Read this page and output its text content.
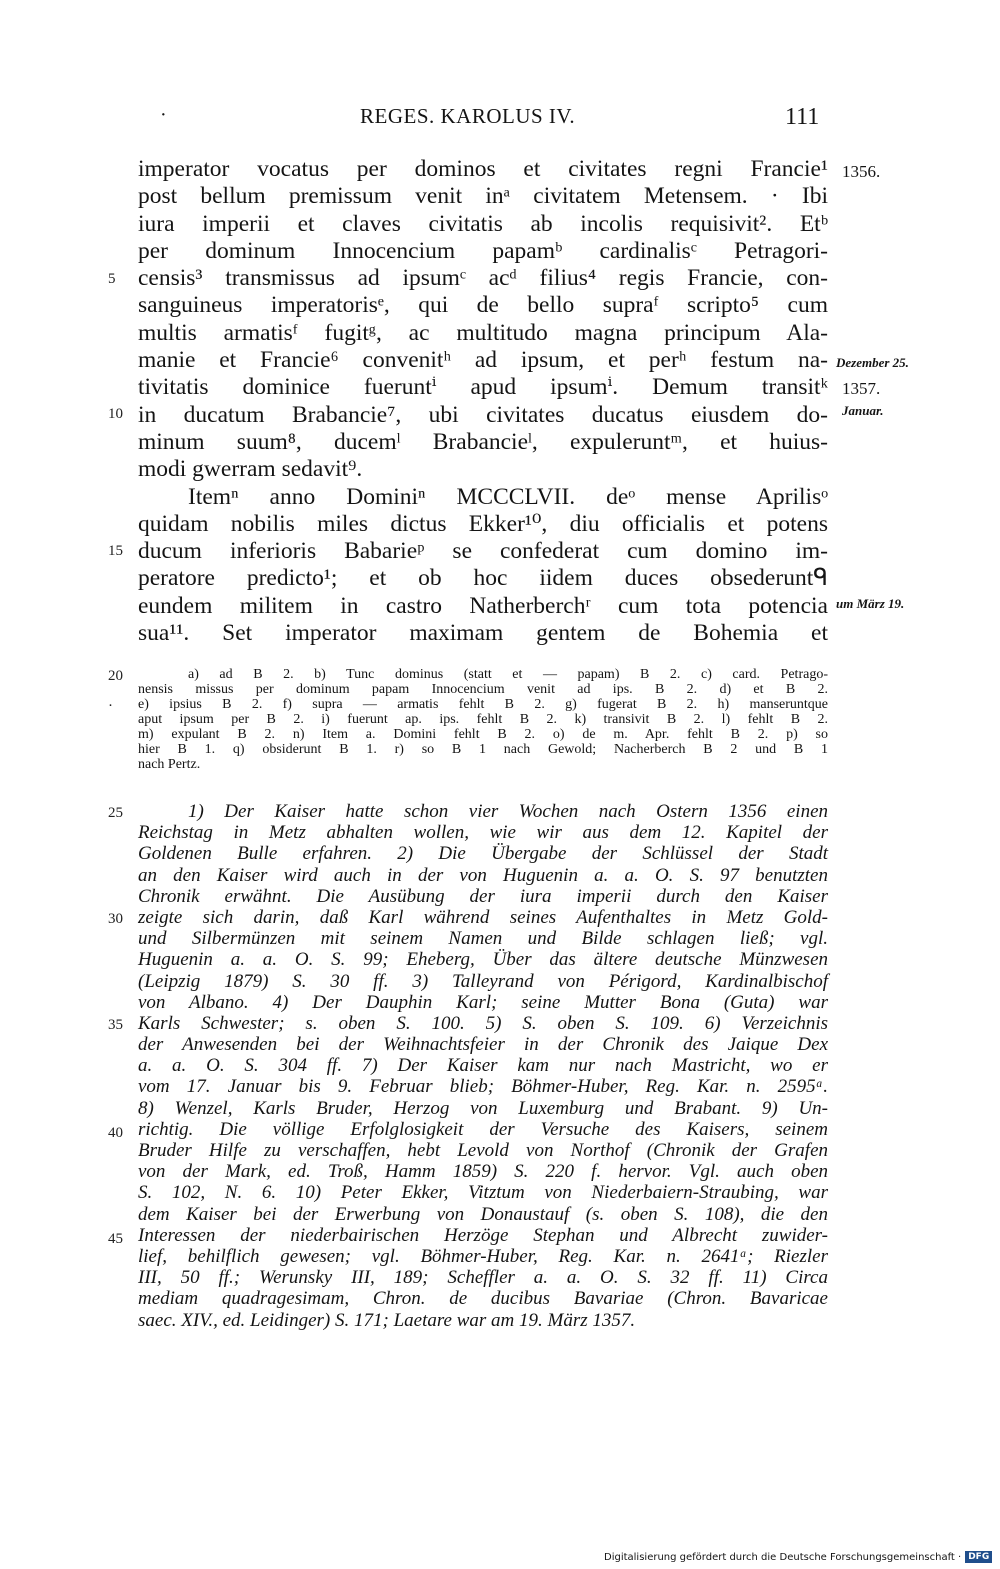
·	REGES. KAROLUS IV.	111
imperator vocatus per dominos et civitates regni Francie¹
post bellum premissum venit inᵃ civitatem Metensem. · Ibi
iura imperii et claves civitatis ab incolis requisivit². Etᵇ
per dominum Innocencium papamᵇ cardinalisᶜ Petragori-
censis³ transmissus ad ipsumᶜ acᵈ filius⁴ regis Francie, con-
sanguineus imperatorisᵉ, qui de bello supraᶠ scripto⁵ cum
multis armatisᶠ fugitᵍ, ac multitudo magna principum Ala-
manie et Francie⁶ convenitʰ ad ipsum, et perʰ festum na-
tivitatis dominice fueruntⁱ apud ipsumⁱ. Demum transitᵏ
in ducatum Brabancie⁷, ubi civitates ducatus eiusdem do-
minum suum⁸, ducemˡ Brabancieˡ, expuleruntᵐ, et huius-
modi gwerram sedavit⁹.
Itemⁿ anno Dominiⁿ MCCCLVII. deᵒ mense Aprilisᵒ
quidam nobilis miles dictus Ekker¹⁰, diu officialis et potens
ducum inferioris Babarieᵖ se confederat cum domino im-
peratore predicto¹; et ob hoc iidem duces obsederuntᑫ
eundem militem in castro Natherberchʳ cum tota potencia
sua¹¹. Set imperator maximam gentem de Bohemia et
5
10
15
1356.
Dezember 25.
1357.
Januar.
um März 19.
a) ad B 2. b) Tunc dominus (statt et — papam) B 2. c) card. Petrago-
nensis missus per dominum papam Innocencium venit ad ips. B 2. d) et B 2.
e) ipsius B 2. f) supra — armatis fehlt B 2. g) fugerat B 2. h) manseruntque
aput ipsum per B 2. i) fuerunt ap. ips. fehlt B 2. k) transivit B 2. l) fehlt B 2.
m) expulant B 2. n) Item a. Domini fehlt B 2. o) de m. Apr. fehlt B 2. p) so
hier B 1. q) obsiderunt B 1. r) so B 1 nach Gewold; Nacherberch B 2 und B 1
nach Pertz.
20
·
1) Der Kaiser hatte schon vier Wochen nach Ostern 1356 einen
Reichstag in Metz abhalten wollen, wie wir aus dem 12. Kapitel der
Goldenen Bulle erfahren. 2) Die Übergabe der Schlüssel der Stadt
an den Kaiser wird auch in der von Huguenin a. a. O. S. 97 benutzten
Chronik erwähnt. Die Ausübung der iura imperii durch den Kaiser
zeigte sich darin, daß Karl während seines Aufenthaltes in Metz Gold-
und Silbermünzen mit seinem Namen und Bilde schlagen ließ; vgl.
Huguenin a. a. O. S. 99; Eheberg, Über das ältere deutsche Münzwesen
(Leipzig 1879) S. 30 ff. 3) Talleyrand von Périgord, Kardinalbischof
von Albano. 4) Der Dauphin Karl; seine Mutter Bona (Guta) war
Karls Schwester; s. oben S. 100. 5) S. oben S. 109. 6) Verzeichnis
der Anwesenden bei der Weihnachtsfeier in der Chronik des Jaique Dex
a. a. O. S. 304 ff. 7) Der Kaiser kam nur nach Mastricht, wo er
vom 17. Januar bis 9. Februar blieb; Böhmer-Huber, Reg. Kar. n. 2595ᵃ.
8) Wenzel, Karls Bruder, Herzog von Luxemburg und Brabant. 9) Un-
richtig. Die völlige Erfolglosigkeit der Versuche des Kaisers, seinem
Bruder Hilfe zu verschaffen, hebt Levold von Northof (Chronik der Grafen
von der Mark, ed. Troß, Hamm 1859) S. 220 f. hervor. Vgl. auch oben
S. 102, N. 6. 10) Peter Ekker, Vitztum von Niederbaiern-Straubing, war
dem Kaiser bei der Erwerbung von Donaustauf (s. oben S. 108), die den
Interessen der niederbairischen Herzöge Stephan und Albrecht zuwider-
lief, behilflich gewesen; vgl. Böhmer-Huber, Reg. Kar. n. 2641ᵃ; Riezler
III, 50 ff.; Werunsky III, 189; Scheffler a. a. O. S. 32 ff. 11) Circa
mediam quadragesimam, Chron. de ducibus Bavariae (Chron. Bavaricae
saec. XIV., ed. Leidinger) S. 171; Laetare war am 19. März 1357.
25
30
35
40
45
Digitalisierung gefördert durch die Deutsche Forschungsgemeinschaft · DFG
